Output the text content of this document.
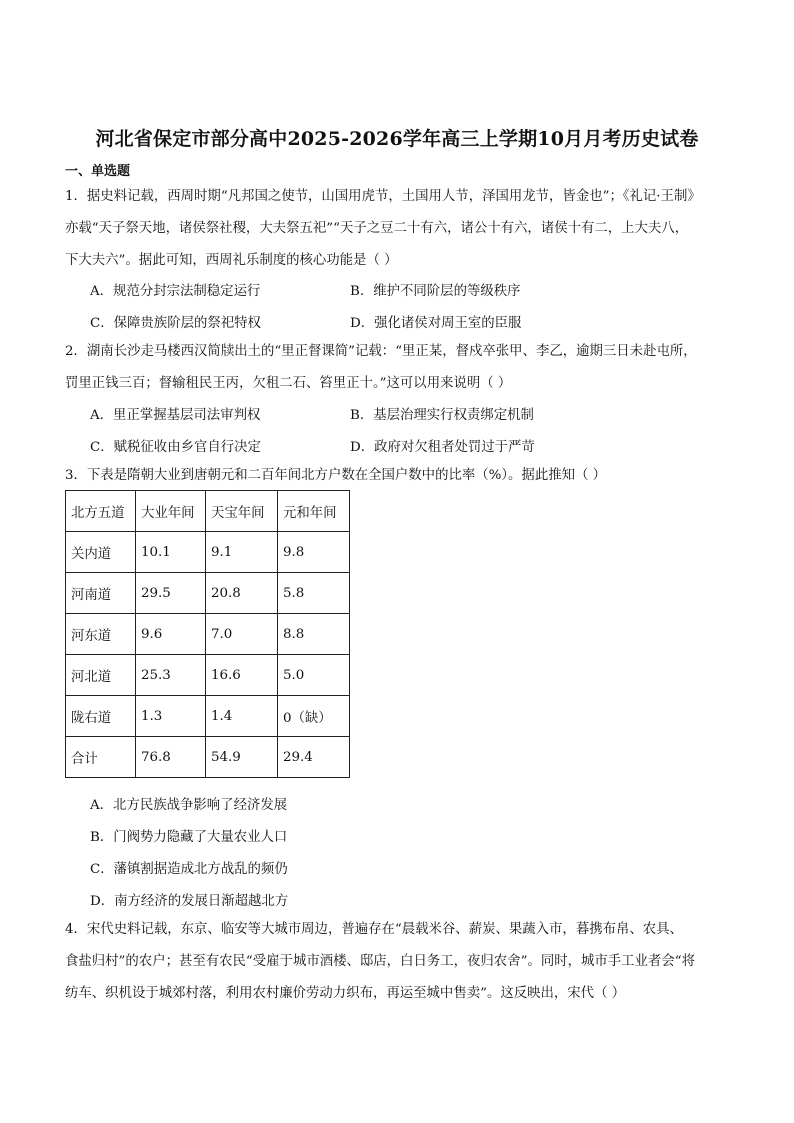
河北省保定市部分高中2025-2026学年高三上学期10月月考历史试卷
一、单选题
1．据史料记载，西周时期“凡邦国之使节，山国用虎节，土国用人节，泽国用龙节，皆金也”；《礼记·王制》
亦载“天子祭天地，诸侯祭社稷，大夫祭五祀”“天子之豆二十有六，诸公十有六，诸侯十有二，上大夫八，
下大夫六”。据此可知，西周礼乐制度的核心功能是（ ）
A．规范分封宗法制稳定运行	B．维护不同阶层的等级秩序
C．保障贵族阶层的祭祀特权	D．强化诸侯对周王室的臣服
2．湖南长沙走马楼西汉简牍出土的“里正督课简”记载：“里正某，督戍卒张甲、李乙，逾期三日未赴屯所，
罚里正钱三百；督输租民王丙，欠租二石、笞里正十。”这可以用来说明（ ）
A．里正掌握基层司法审判权	B．基层治理实行权责绑定机制
C．赋税征收由乡官自行决定	D．政府对欠租者处罚过于严苛
3．下表是隋朝大业到唐朝元和二百年间北方户数在全国户数中的比率（%）。据此推知（ ）
北方五道	大业年间	天宝年间	元和年间
关内道	10.1	9.1	9.8
河南道	29.5	20.8	5.8
河东道	9.6	7.0	8.8
河北道	25.3	16.6	5.0
陇右道	1.3	1.4	0（缺）
合计	76.8	54.9	29.4
A．北方民族战争影响了经济发展
B．门阀势力隐藏了大量农业人口
C．藩镇割据造成北方战乱的频仍
D．南方经济的发展日渐超越北方
4．宋代史料记载，东京、临安等大城市周边，普遍存在“晨载米谷、薪炭、果蔬入市，暮携布帛、农具、
食盐归村”的农户；甚至有农民“受雇于城市酒楼、邸店，白日务工，夜归农舍”。同时，城市手工业者会“将
纺车、织机设于城郊村落，利用农村廉价劳动力织布，再运至城中售卖”。这反映出，宋代（ ）
